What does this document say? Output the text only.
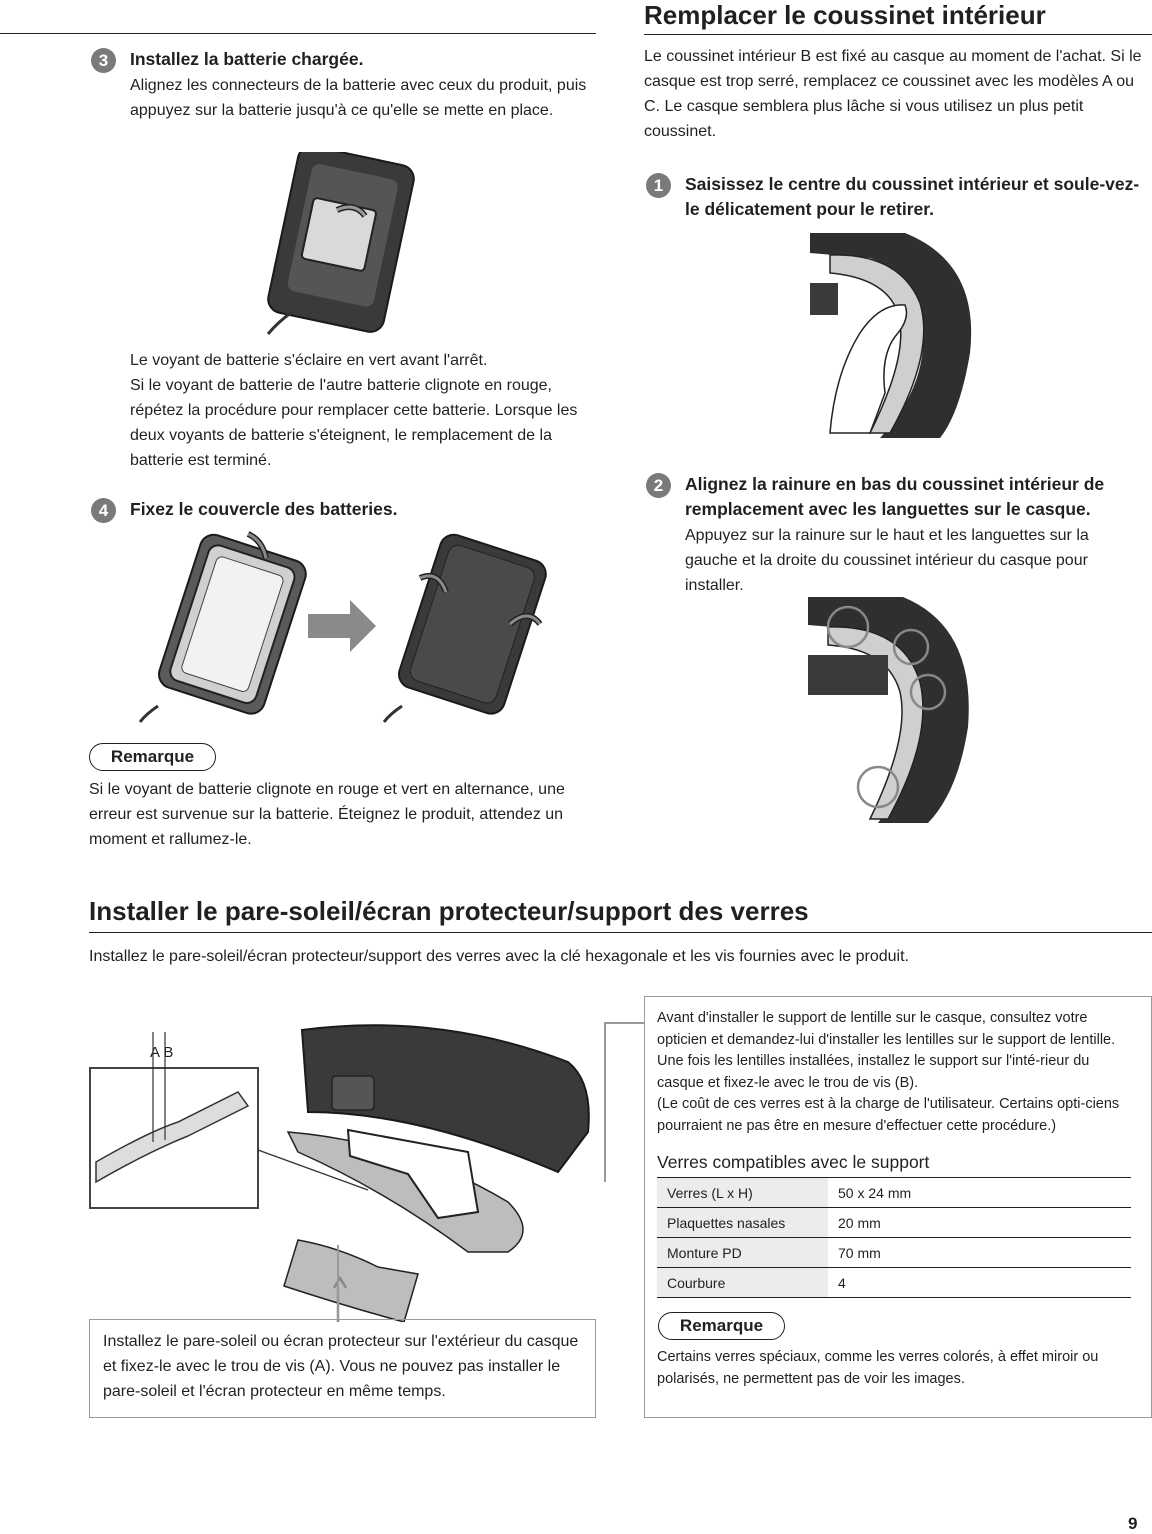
3	Installez la batterie chargée.
Alignez les connecteurs de la batterie avec ceux du produit, puis appuyez sur la batterie jusqu'à ce qu'elle se mette en place.
Le voyant de batterie s'éclaire en vert avant l'arrêt.
Si le voyant de batterie de l'autre batterie clignote en rouge, répétez la procédure pour remplacer cette batterie. Lorsque les deux voyants de batterie s'éteignent, le remplacement de la batterie est terminé.
4	Fixez le couvercle des batteries.
Remarque
Si le voyant de batterie clignote en rouge et vert en alternance, une erreur est survenue sur la batterie. Éteignez le produit, attendez un moment et rallumez-le.
Remplacer le coussinet intérieur
Le coussinet intérieur B est fixé au casque au moment de l'achat. Si le casque est trop serré, remplacez ce coussinet avec les modèles A ou C. Le casque semblera plus lâche si vous utilisez un plus petit coussinet.
1	Saisissez le centre du coussinet intérieur et soule-vez-le délicatement pour le retirer.
2	Alignez la rainure en bas du coussinet intérieur de remplacement avec les languettes sur le casque.
Appuyez sur la rainure sur le haut et les languettes sur la gauche et la droite du coussinet intérieur du casque pour installer.
Installer le pare-soleil/écran protecteur/support des verres
Installez le pare-soleil/écran protecteur/support des verres avec la clé hexagonale et les vis fournies avec le produit.
A B
Installez le pare-soleil ou écran protecteur sur l'extérieur du casque et fixez-le avec le trou de vis (A). Vous ne pouvez pas installer le pare-soleil et l'écran protecteur en même temps.
Avant d'installer le support de lentille sur le casque, consultez votre opticien et demandez-lui d'installer les lentilles sur le support de lentille. Une fois les lentilles installées, installez le support sur l'inté-rieur du casque et fixez-le avec le trou de vis (B).
(Le coût de ces verres est à la charge de l'utilisateur. Certains opti-ciens pourraient ne pas être en mesure d'effectuer cette procédure.)
Verres compatibles avec le support
Verres (L x H)	50 x 24 mm
Plaquettes nasales	20 mm
Monture PD	70 mm
Courbure	4
Remarque
Certains verres spéciaux, comme les verres colorés, à effet miroir ou polarisés, ne permettent pas de voir les images.
9
